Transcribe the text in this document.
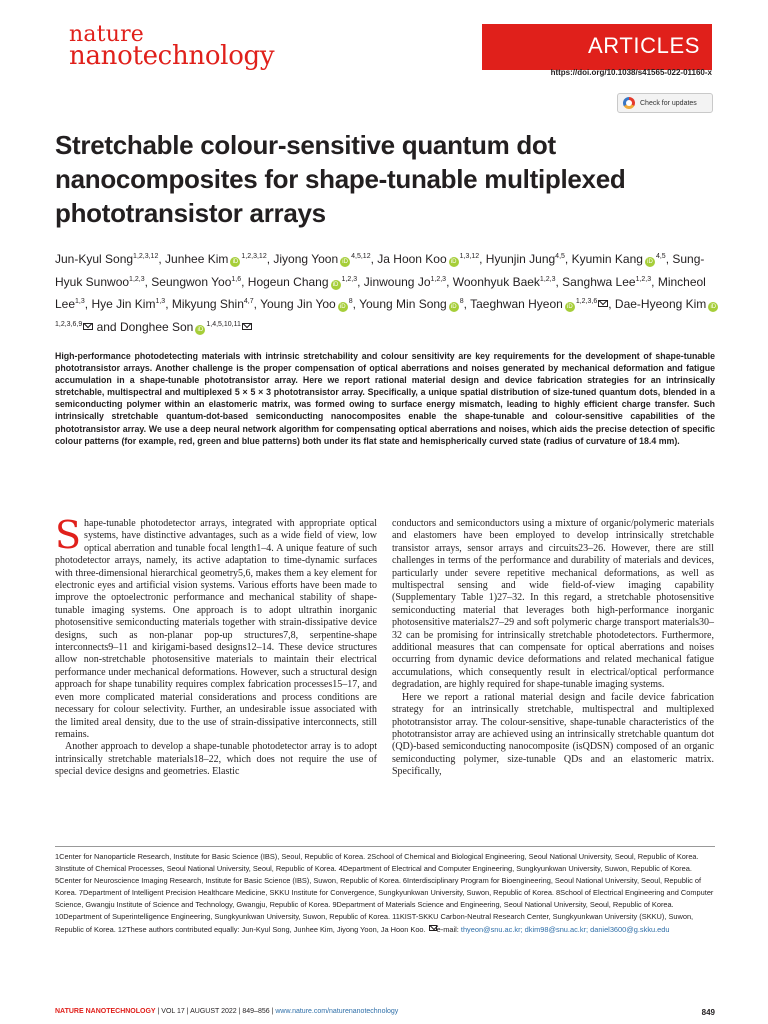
nature
nanotechnology	ARTICLES
https://doi.org/10.1038/s41565-022-01160-x
Check for updates
Stretchable colour-sensitive quantum dot nanocomposites for shape-tunable multiplexed phototransistor arrays
Jun-Kyul Song$^{1,2,3,12}$, Junhee Kim iD$^{1,2,3,12}$, Jiyong Yoon iD$^{4,5,12}$, Ja Hoon Koo iD$^{1,3,12}$, Hyunjin Jung$^{4,5}$, Kyumin Kang iD$^{4,5}$, Sung-Hyuk Sunwoo$^{1,2,3}$, Seungwon Yoo$^{1,6}$, Hogeun Chang iD$^{1,2,3}$, Jinwoung Jo$^{1,2,3}$, Woonhyuk Baek$^{1,2,3}$, Sanghwa Lee$^{1,2,3}$, Mincheol Lee$^{1,3}$, Hye Jin Kim$^{1,3}$, Mikyung Shin$^{4,7}$, Young Jin Yoo $iD^8$, Young Min Song $iD^8$, Taeghwan Hyeon iD$^{1,2,3,6}$ , Dae-Hyeong Kim iD$^{1,2,3,6,9}$ and Donghee Son iD$^{1,4,5,10,11}$

High-performance photodetecting materials with intrinsic stretchability and colour sensitivity are key requirements for the development of shape-tunable phototransistor arrays. Another challenge is the proper compensation of optical aberrations and noises generated by mechanical deformation and fatigue accumulation in a shape-tunable phototransistor array. Here we report rational material design and device fabrication strategies for an intrinsically stretchable, multispectral and multiplexed 5 × 5 × 3 phototransistor array. Specifically, a unique spatial distribution of size-tuned quantum dots, blended in a semiconducting polymer within an elastomeric matrix, was formed owing to surface energy mismatch, leading to highly efficient charge transfer. Such intrinsically stretchable quantum-dot-based semiconducting nanocomposites enable the shape-tunable and colour-sensitive capabilities of the phototransistor array. We use a deep neural network algorithm for compensating optical aberrations and noises, which aids the precise detection of specific colour patterns (for example, red, green and blue patterns) both under its flat state and hemispherically curved state (radius of curvature of 18.4 mm).

Shape-tunable photodetector arrays, integrated with appropriate optical systems, have distinctive advantages, such as a wide field of view, low optical aberration and tunable focal length1–4. A unique feature of such photodetector arrays, namely, its active adaptation to time-dynamic surfaces with three-dimensional hierarchical geometry5,6, makes them a key element for electronic eyes and artificial vision systems. Various efforts have been made to improve the optoelectronic performance and mechanical stability of shape-tunable imaging systems. One approach is to adopt ultrathin inorganic photosensitive semiconducting materials together with strain-dissipative device designs, such as non-planar pop-up structures7,8, serpentine-shape interconnects9–11 and kirigami-based designs12–14. These device structures allow non-stretchable photosensitive materials to maintain their electrical performance under mechanical deformations. However, such a structural design approach for shape tunability requires complex fabrication processes15–17, and even more complicated material considerations and process conditions are necessary for colour selectivity. Further, an undesirable issue associated with the limited areal density, due to the use of strain-dissipative interconnects, still remains.

Another approach to develop a shape-tunable photodetector array is to adopt intrinsically stretchable materials18–22, which does not require the use of special device designs and geometries. Elastic

conductors and semiconductors using a mixture of organic/polymeric materials and elastomers have been employed to develop intrinsically stretchable transistor arrays, sensor arrays and circuits23–26. However, there are still challenges in terms of the performance and durability of materials and devices, particularly under severe repetitive mechanical deformations, as well as multispectral sensing and wide field-of-view imaging capability (Supplementary Table 1)27–32. In this regard, a stretchable photosensitive semiconducting material that leverages both high-performance inorganic photosensitive materials27–29 and soft polymeric charge transport materials30–32 can be promising for intrinsically stretchable photodetectors. Furthermore, additional measures that can compensate for optical aberrations and noises occurring from dynamic device deformations and related mechanical fatigue accumulations, which consequently result in electrical/optical performance degradation, are highly required for shape-tunable imaging systems.

Here we report a rational material design and facile device fabrication strategy for an intrinsically stretchable, multispectral and multiplexed phototransistor array. The colour-sensitive, shape-tunable characteristics of the phototransistor array are achieved using an intrinsically stretchable quantum dot (QD)-based semiconducting nanocomposite (isQDSN) composed of an organic semiconducting polymer, size-tunable QDs and an elastomeric matrix. Specifically,

1Center for Nanoparticle Research, Institute for Basic Science (IBS), Seoul, Republic of Korea. 2School of Chemical and Biological Engineering, Seoul National University, Seoul, Republic of Korea. 3Institute of Chemical Processes, Seoul National University, Seoul, Republic of Korea. 4Department of Electrical and Computer Engineering, Sungkyunkwan University, Suwon, Republic of Korea. 5Center for Neuroscience Imaging Research, Institute for Basic Science (IBS), Suwon, Republic of Korea. 6Interdisciplinary Program for Bioengineering, Seoul National University, Seoul, Republic of Korea. 7Department of Intelligent Precision Healthcare Medicine, SKKU Institute for Convergence, Sungkyunkwan University, Suwon, Republic of Korea. 8School of Electrical Engineering and Computer Science, Gwangju Institute of Science and Technology, Gwangju, Republic of Korea. 9Department of Materials Science and Engineering, Seoul National University, Seoul, Republic of Korea. 10Department of Superintelligence Engineering, Sungkyunkwan University, Suwon, Republic of Korea. 11KIST-SKKU Carbon-Neutral Research Center, Sungkyunkwan University (SKKU), Suwon, Republic of Korea. 12These authors contributed equally: Jun-Kyul Song, Junhee Kim, Jiyong Yoon, Ja Hoon Koo. e-mail: thyeon@snu.ac.kr; dkim98@snu.ac.kr; daniel3600@g.skku.edu
NATURE NANOTECHNOLOGY | VOL 17 | AUGUST 2022 | 849–856 | www.nature.com/naturenanotechnology	849
